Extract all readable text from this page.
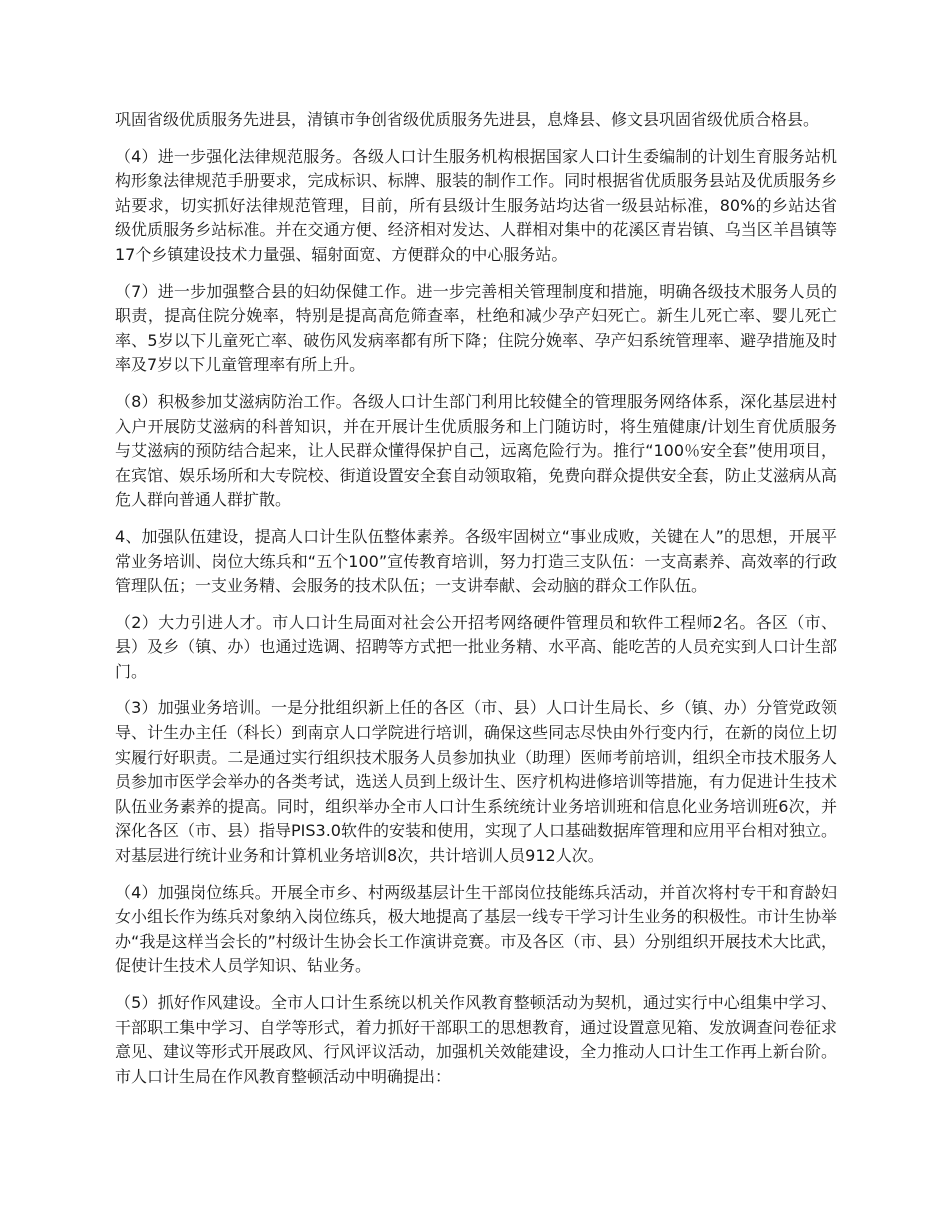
巩固省级优质服务先进县，清镇市争创省级优质服务先进县，息烽县、修文县巩固省级优质合格县。

（4）进一步强化法律规范服务。各级人口计生服务机构根据国家人口计生委编制的计划生育服务站机构形象法律规范手册要求，完成标识、标牌、服装的制作工作。同时根据省优质服务县站及优质服务乡站要求，切实抓好法律规范管理，目前，所有县级计生服务站均达省一级县站标准，80%的乡站达省级优质服务乡站标准。并在交通方便、经济相对发达、人群相对集中的花溪区青岩镇、乌当区羊昌镇等17个乡镇建设技术力量强、辐射面宽、方便群众的中心服务站。

（7）进一步加强整合县的妇幼保健工作。进一步完善相关管理制度和措施，明确各级技术服务人员的职责，提高住院分娩率，特别是提高高危筛查率，杜绝和减少孕产妇死亡。新生儿死亡率、婴儿死亡率、5岁以下儿童死亡率、破伤风发病率都有所下降；住院分娩率、孕产妇系统管理率、避孕措施及时率及7岁以下儿童管理率有所上升。

（8）积极参加艾滋病防治工作。各级人口计生部门利用比较健全的管理服务网络体系，深化基层进村入户开展防艾滋病的科普知识，并在开展计生优质服务和上门随访时，将生殖健康/计划生育优质服务与艾滋病的预防结合起来，让人民群众懂得保护自己，远离危险行为。推行“100％安全套”使用项目，在宾馆、娱乐场所和大专院校、街道设置安全套自动领取箱，免费向群众提供安全套，防止艾滋病从高危人群向普通人群扩散。

4、加强队伍建设，提高人口计生队伍整体素养。各级牢固树立“事业成败，关键在人”的思想，开展平常业务培训、岗位大练兵和“五个100”宣传教育培训，努力打造三支队伍：一支高素养、高效率的行政管理队伍；一支业务精、会服务的技术队伍；一支讲奉献、会动脑的群众工作队伍。

（2）大力引进人才。市人口计生局面对社会公开招考网络硬件管理员和软件工程师2名。各区（市、县）及乡（镇、办）也通过选调、招聘等方式把一批业务精、水平高、能吃苦的人员充实到人口计生部门。

（3）加强业务培训。一是分批组织新上任的各区（市、县）人口计生局长、乡（镇、办）分管党政领导、计生办主任（科长）到南京人口学院进行培训，确保这些同志尽快由外行变内行，在新的岗位上切实履行好职责。二是通过实行组织技术服务人员参加执业（助理）医师考前培训，组织全市技术服务人员参加市医学会举办的各类考试，选送人员到上级计生、医疗机构进修培训等措施，有力促进计生技术队伍业务素养的提高。同时，组织举办全市人口计生系统统计业务培训班和信息化业务培训班6次，并深化各区（市、县）指导PIS3.0软件的安装和使用，实现了人口基础数据库管理和应用平台相对独立。对基层进行统计业务和计算机业务培训8次，共计培训人员912人次。

（4）加强岗位练兵。开展全市乡、村两级基层计生干部岗位技能练兵活动，并首次将村专干和育龄妇女小组长作为练兵对象纳入岗位练兵，极大地提高了基层一线专干学习计生业务的积极性。市计生协举办“我是这样当会长的”村级计生协会长工作演讲竞赛。市及各区（市、县）分别组织开展技术大比武，促使计生技术人员学知识、钻业务。

（5）抓好作风建设。全市人口计生系统以机关作风教育整顿活动为契机，通过实行中心组集中学习、干部职工集中学习、自学等形式，着力抓好干部职工的思想教育，通过设置意见箱、发放调查问卷征求意见、建议等形式开展政风、行风评议活动，加强机关效能建设，全力推动人口计生工作再上新台阶。市人口计生局在作风教育整顿活动中明确提出：
